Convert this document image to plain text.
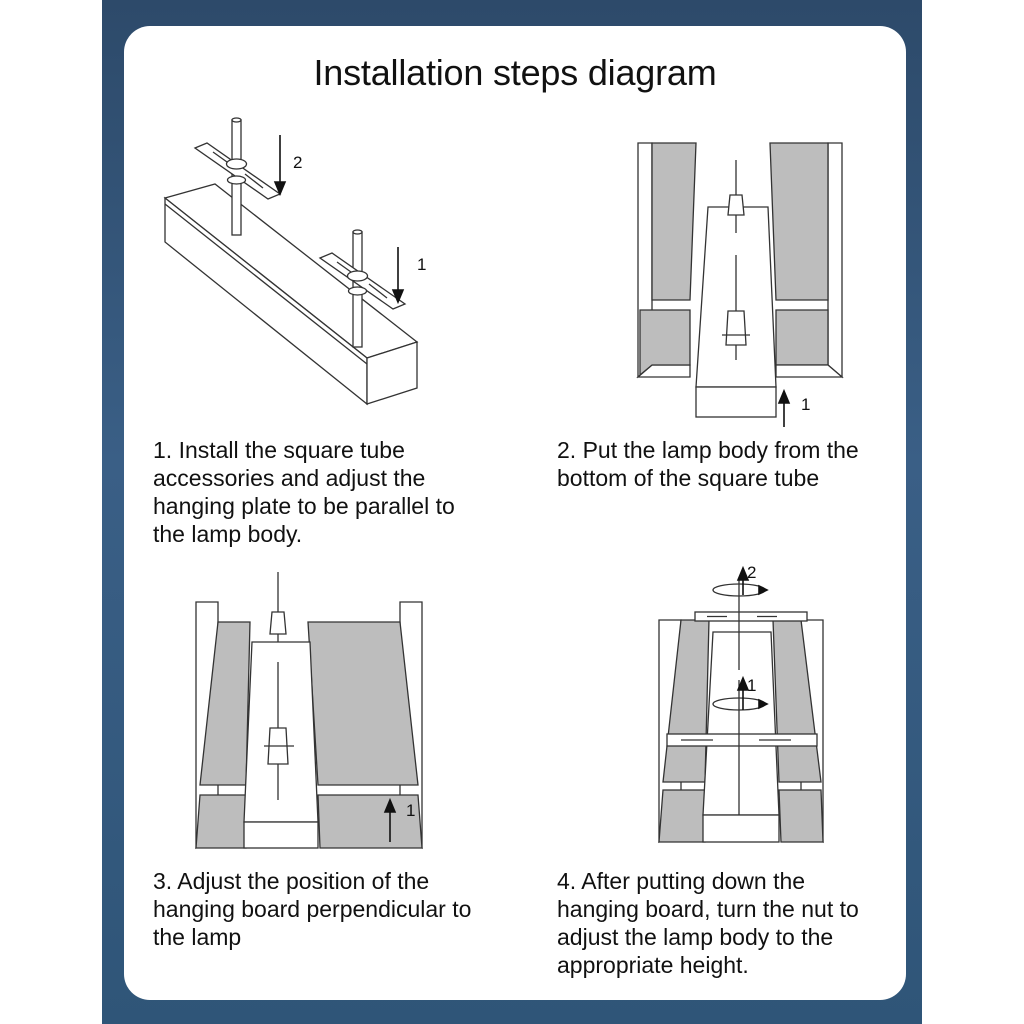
Installation steps diagram
2
1
1
1
2
1
1. Install the square tube accessories and adjust the hanging plate to be parallel to the lamp body.
2. Put the lamp body from the bottom of the square tube
3. Adjust the position of the hanging board perpendicular to the lamp
4. After putting down the hanging board, turn the nut to adjust the lamp body to the appropriate height.
